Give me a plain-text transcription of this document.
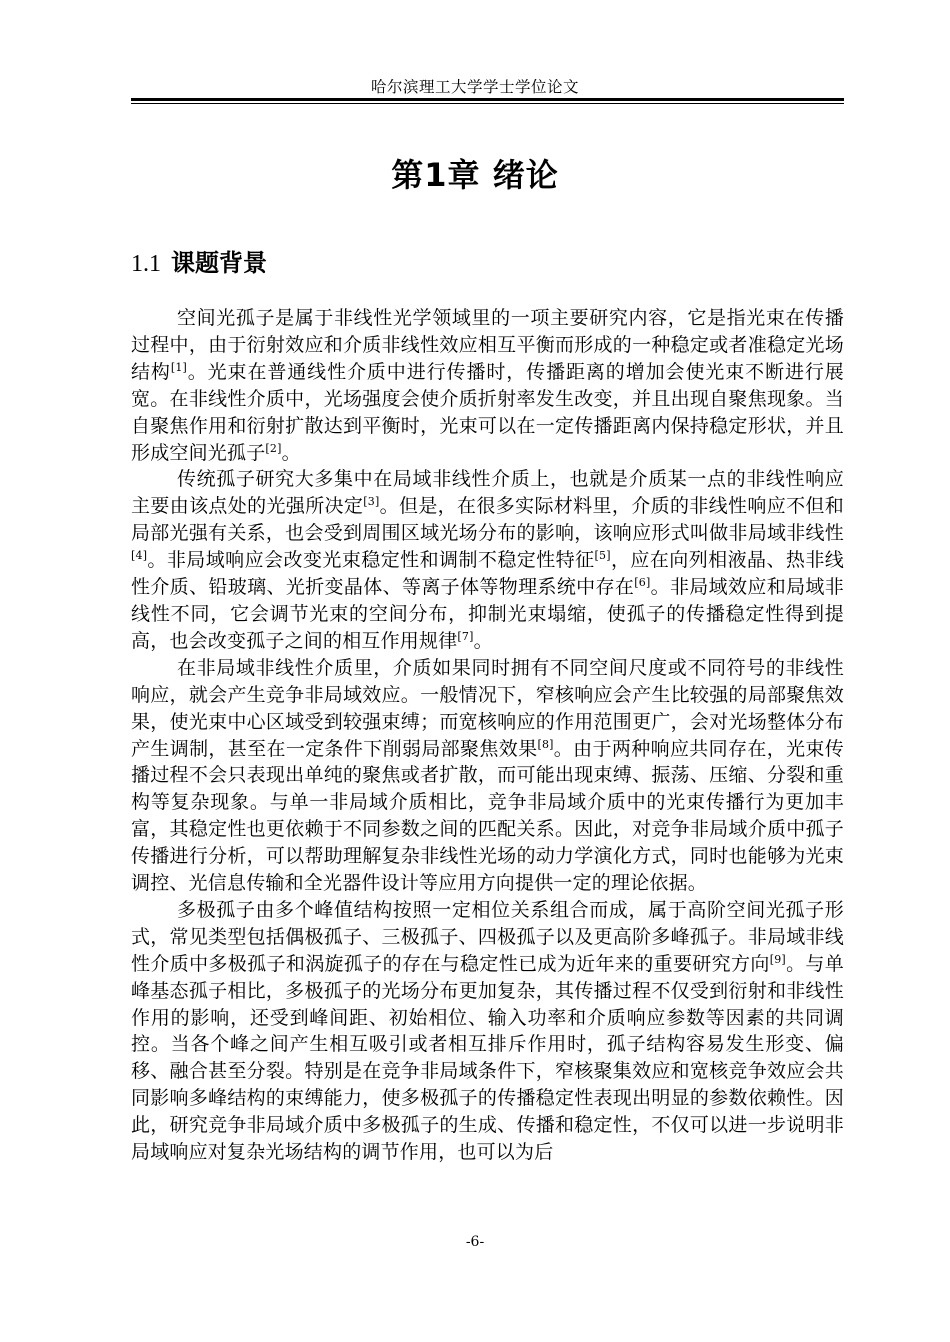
哈尔滨理工大学学士学位论文
第1章 绪论
1.1 课题背景

空间光孤子是属于非线性光学领域里的一项主要研究内容，它是指光束在传播过程中，由于衍射效应和介质非线性效应相互平衡而形成的一种稳定或者准稳定光场结构[1]。光束在普通线性介质中进行传播时，传播距离的增加会使光束不断进行展宽。在非线性介质中，光场强度会使介质折射率发生改变，并且出现自聚焦现象。当自聚焦作用和衍射扩散达到平衡时，光束可以在一定传播距离内保持稳定形状，并且形成空间光孤子[2]。

传统孤子研究大多集中在局域非线性介质上，也就是介质某一点的非线性响应主要由该点处的光强所决定[3]。但是，在很多实际材料里，介质的非线性响应不但和局部光强有关系，也会受到周围区域光场分布的影响，该响应形式叫做非局域非线性[4]。非局域响应会改变光束稳定性和调制不稳定性特征[5]，应在向列相液晶、热非线性介质、铅玻璃、光折变晶体、等离子体等物理系统中存在[6]。非局域效应和局域非线性不同，它会调节光束的空间分布，抑制光束塌缩，使孤子的传播稳定性得到提高，也会改变孤子之间的相互作用规律[7]。

在非局域非线性介质里，介质如果同时拥有不同空间尺度或不同符号的非线性响应，就会产生竞争非局域效应。一般情况下，窄核响应会产生比较强的局部聚焦效果，使光束中心区域受到较强束缚；而宽核响应的作用范围更广，会对光场整体分布产生调制，甚至在一定条件下削弱局部聚焦效果[8]。由于两种响应共同存在，光束传播过程不会只表现出单纯的聚焦或者扩散，而可能出现束缚、振荡、压缩、分裂和重构等复杂现象。与单一非局域介质相比，竞争非局域介质中的光束传播行为更加丰富，其稳定性也更依赖于不同参数之间的匹配关系。因此，对竞争非局域介质中孤子传播进行分析，可以帮助理解复杂非线性光场的动力学演化方式，同时也能够为光束调控、光信息传输和全光器件设计等应用方向提供一定的理论依据。

多极孤子由多个峰值结构按照一定相位关系组合而成，属于高阶空间光孤子形式，常见类型包括偶极孤子、三极孤子、四极孤子以及更高阶多峰孤子。非局域非线性介质中多极孤子和涡旋孤子的存在与稳定性已成为近年来的重要研究方向[9]。与单峰基态孤子相比，多极孤子的光场分布更加复杂，其传播过程不仅受到衍射和非线性作用的影响，还受到峰间距、初始相位、输入功率和介质响应参数等因素的共同调控。当各个峰之间产生相互吸引或者相互排斥作用时，孤子结构容易发生形变、偏移、融合甚至分裂。特别是在竞争非局域条件下，窄核聚集效应和宽核竞争效应会共同影响多峰结构的束缚能力，使多极孤子的传播稳定性表现出明显的参数依赖性。因此，研究竞争非局域介质中多极孤子的生成、传播和稳定性，不仅可以进一步说明非局域响应对复杂光场结构的调节作用，也可以为后

-6-
